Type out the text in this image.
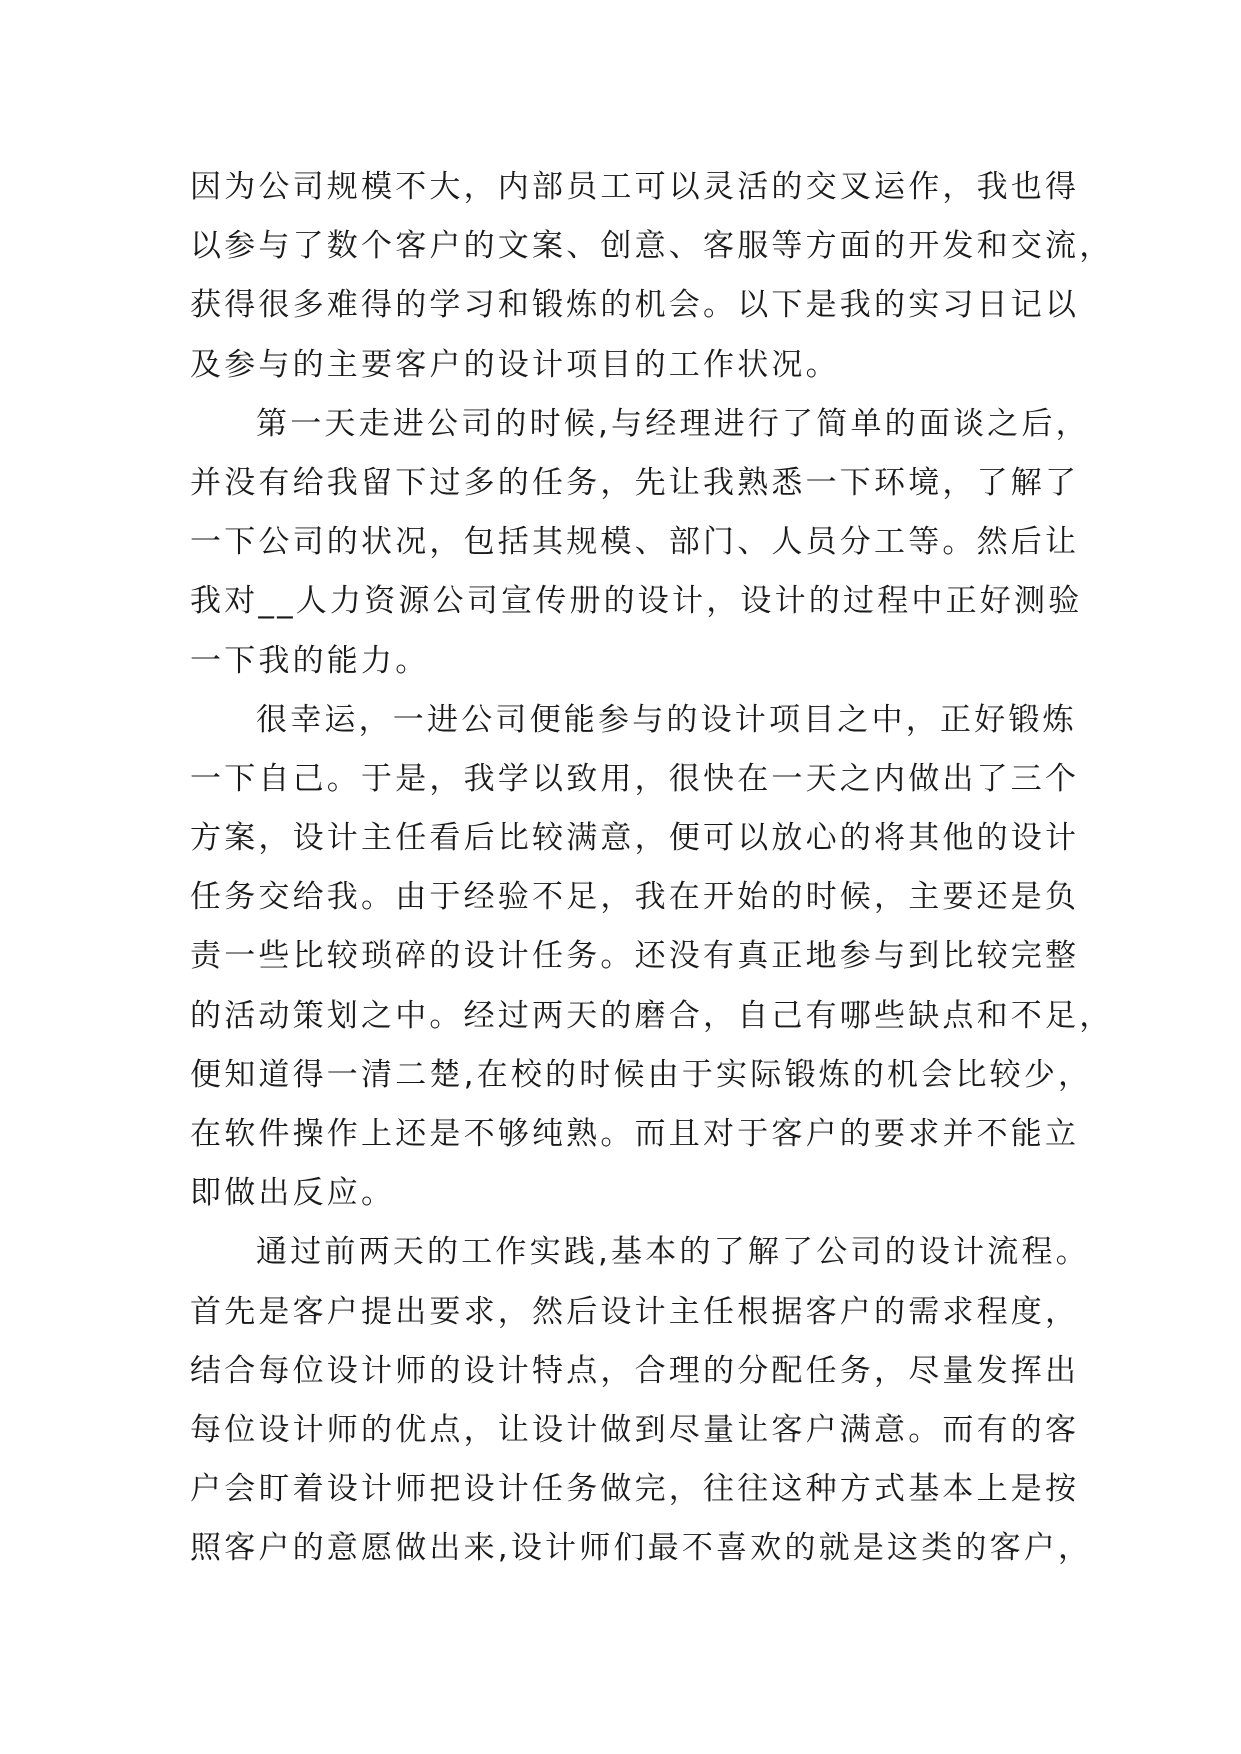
因为公司规模不大，内部员工可以灵活的交叉运作，我也得
以参与了数个客户的文案、创意、客服等方面的开发和交流，
获得很多难得的学习和锻炼的机会。以下是我的实习日记以
及参与的主要客户的设计项目的工作状况。
第一天走进公司的时候,与经理进行了简单的面谈之后，
并没有给我留下过多的任务，先让我熟悉一下环境，了解了
一下公司的状况，包括其规模、部门、人员分工等。然后让
我对__人力资源公司宣传册的设计，设计的过程中正好测验
一下我的能力。
很幸运，一进公司便能参与的设计项目之中，正好锻炼
一下自己。于是，我学以致用，很快在一天之内做出了三个
方案，设计主任看后比较满意，便可以放心的将其他的设计
任务交给我。由于经验不足，我在开始的时候，主要还是负
责一些比较琐碎的设计任务。还没有真正地参与到比较完整
的活动策划之中。经过两天的磨合，自己有哪些缺点和不足，
便知道得一清二楚,在校的时候由于实际锻炼的机会比较少，
在软件操作上还是不够纯熟。而且对于客户的要求并不能立
即做出反应。
通过前两天的工作实践,基本的了解了公司的设计流程。
首先是客户提出要求，然后设计主任根据客户的需求程度，
结合每位设计师的设计特点，合理的分配任务，尽量发挥出
每位设计师的优点，让设计做到尽量让客户满意。而有的客
户会盯着设计师把设计任务做完，往往这种方式基本上是按
照客户的意愿做出来,设计师们最不喜欢的就是这类的客户，
